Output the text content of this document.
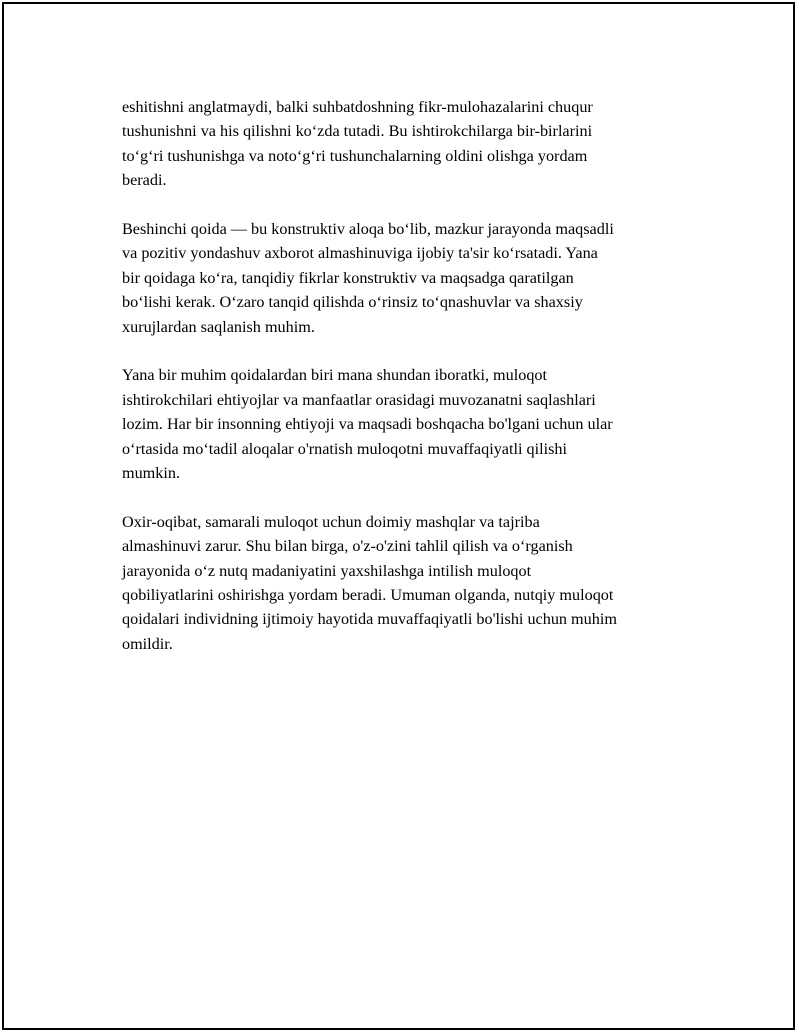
eshitishni anglatmaydi, balki suhbatdoshning fikr-mulohazalarini chuqur
tushunishni va his qilishni koʻzda tutadi. Bu ishtirokchilarga bir-birlarini
toʻgʻri tushunishga va notoʻgʻri tushunchalarning oldini olishga yordam
beradi.

Beshinchi qoida — bu konstruktiv aloqa boʻlib, mazkur jarayonda maqsadli
va pozitiv yondashuv axborot almashinuviga ijobiy ta'sir koʻrsatadi. Yana
bir qoidaga koʻra, tanqidiy fikrlar konstruktiv va maqsadga qaratilgan
boʻlishi kerak. Oʻzaro tanqid qilishda oʻrinsiz toʻqnashuvlar va shaxsiy
xurujlardan saqlanish muhim.

Yana bir muhim qoidalardan biri mana shundan iboratki, muloqot
ishtirokchilari ehtiyojlar va manfaatlar orasidagi muvozanatni saqlashlari
lozim. Har bir insonning ehtiyoji va maqsadi boshqacha bo'lgani uchun ular
oʻrtasida moʻtadil aloqalar o'rnatish muloqotni muvaffaqiyatli qilishi
mumkin.

Oxir-oqibat, samarali muloqot uchun doimiy mashqlar va tajriba
almashinuvi zarur. Shu bilan birga, o'z-o'zini tahlil qilish va oʻrganish
jarayonida oʻz nutq madaniyatini yaxshilashga intilish muloqot
qobiliyatlarini oshirishga yordam beradi. Umuman olganda, nutqiy muloqot
qoidalari individning ijtimoiy hayotida muvaffaqiyatli bo'lishi uchun muhim
omildir.
